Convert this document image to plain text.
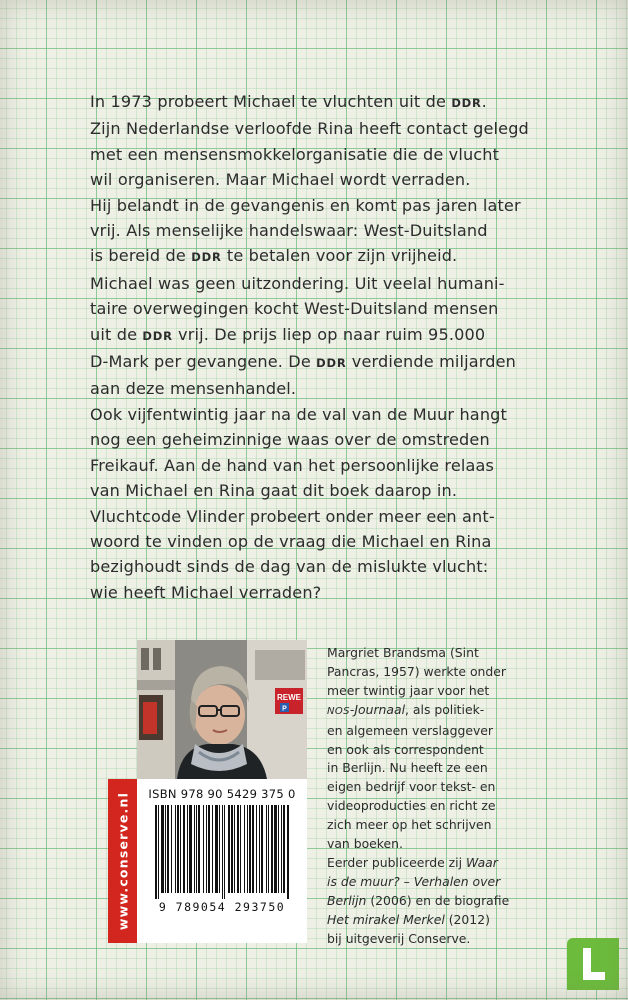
In 1973 probeert Michael te vluchten uit de DDR.

Zijn Nederlandse verloofde Rina heeft contact gelegd

met een mensensmokkelorganisatie die de vlucht

wil organiseren. Maar Michael wordt verraden.

Hij belandt in de gevangenis en komt pas jaren later

vrij. Als menselijke handelswaar: West-Duitsland

is bereid de DDR te betalen voor zijn vrijheid.

Michael was geen uitzondering. Uit veelal humani-

taire overwegingen kocht West-Duitsland mensen

uit de DDR vrij. De prijs liep op naar ruim 95.000

D-Mark per gevangene. De DDR verdiende miljarden

aan deze mensenhandel.

Ook vijfentwintig jaar na de val van de Muur hangt

nog een geheimzinnige waas over de omstreden

Freikauf. Aan de hand van het persoonlijke relaas

van Michael en Rina gaat dit boek daarop in.

Vluchtcode Vlinder probeert onder meer een ant-

woord te vinden op de vraag die Michael en Rina

bezighoudt sinds de dag van de mislukte vlucht:

wie heeft Michael verraden?

REWE
P
www.conserve.nl	ISBN 978 90 5429 375 0
9 789054 293750

Margriet Brandsma (Sint

Pancras, 1957) werkte onder

meer twintig jaar voor het

NOS-Journaal, als politiek-

en algemeen verslaggever

en ook als correspondent

in Berlijn. Nu heeft ze een

eigen bedrijf voor tekst- en

videoproducties en richt ze

zich meer op het schrijven

van boeken.

Eerder publiceerde zij Waar

is de muur? – Verhalen over

Berlijn (2006) en de biografie

Het mirakel Merkel (2012)

bij uitgeverij Conserve.
